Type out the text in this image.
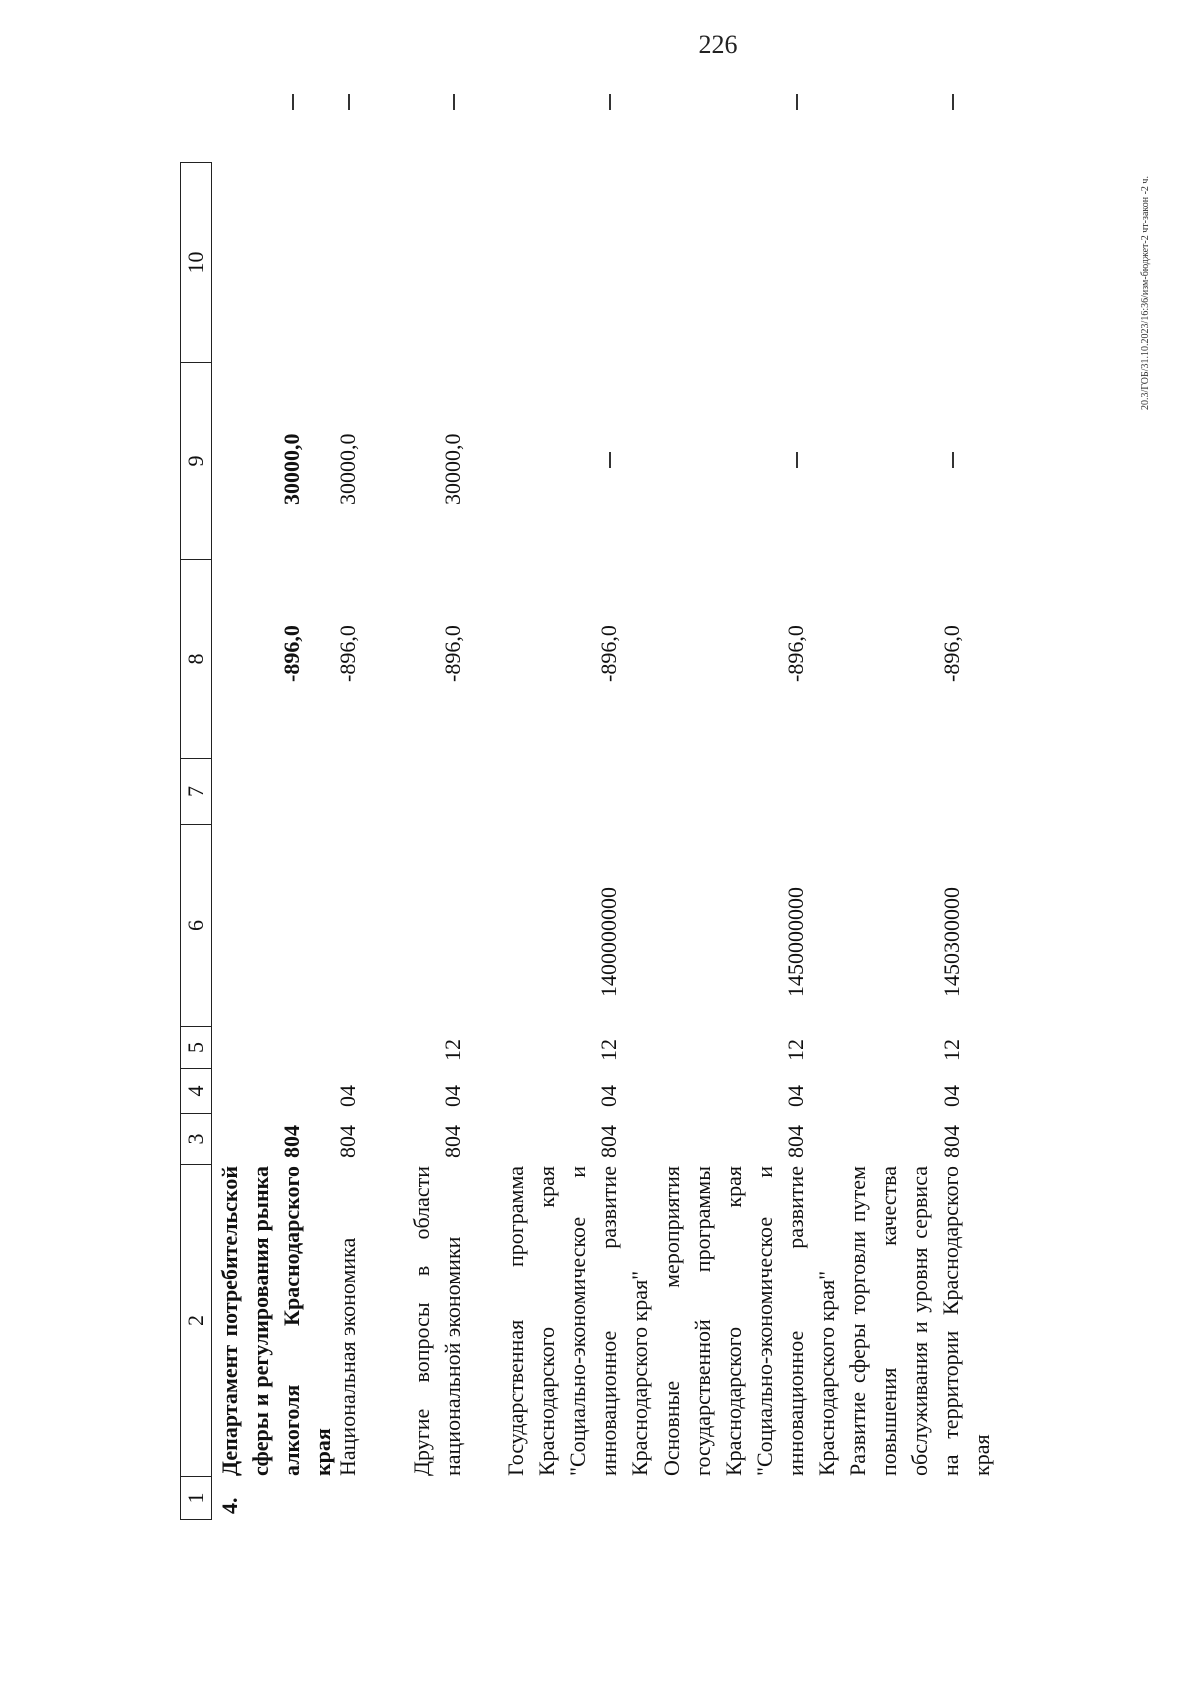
226
1
2
3
4
5
6
7
8
9
10
4.
Департамент потребительской сферы и регулирования рынка алкоголя Краснодарского края
804
-896,0
30000,0
Национальная экономика
804
04
-896,0
30000,0
Другие вопросы в области национальной экономики
804
04
12
-896,0
30000,0
Государственная программа Краснодарского края "Социально-экономическое и инновационное развитие Краснодарского края"
804
04
12
1400000000
-896,0
Основные мероприятия государственной программы Краснодарского края "Социально-экономическое и инновационное развитие Краснодарского края"
804
04
12
1450000000
-896,0
Развитие сферы торговли путем повышения качества обслуживания и уровня сервиса на территории Краснодарского края
804
04
12
1450300000
-896,0
20.3/ГОБ/31.10.2023/16:36/изм-бюджет-2 чт-закон -2 ч.
